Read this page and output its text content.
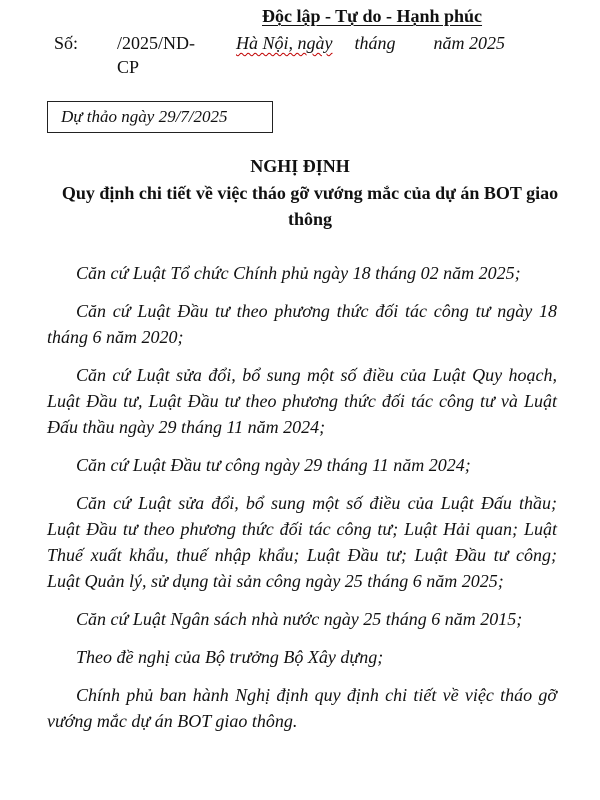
Độc lập - Tự do - Hạnh phúc
Số: /2025/ND-
CP
Hà Nội, ngày tháng năm 2025
Dự thảo ngày 29/7/2025
NGHỊ ĐỊNH
Quy định chi tiết về việc tháo gỡ vướng mắc của dự án BOT giao thông

Căn cứ Luật Tổ chức Chính phủ ngày 18 tháng 02 năm 2025;

Căn cứ Luật Đầu tư theo phương thức đối tác công tư ngày 18 tháng 6 năm 2020;

Căn cứ Luật sửa đổi, bổ sung một số điều của Luật Quy hoạch, Luật Đầu tư, Luật Đầu tư theo phương thức đối tác công tư và Luật Đấu thầu ngày 29 tháng 11 năm 2024;

Căn cứ Luật Đầu tư công ngày 29 tháng 11 năm 2024;

Căn cứ Luật sửa đổi, bổ sung một số điều của Luật Đấu thầu; Luật Đầu tư theo phương thức đối tác công tư; Luật Hải quan; Luật Thuế xuất khẩu, thuế nhập khẩu; Luật Đầu tư; Luật Đầu tư công; Luật Quản lý, sử dụng tài sản công ngày 25 tháng 6 năm 2025;

Căn cứ Luật Ngân sách nhà nước ngày 25 tháng 6 năm 2015;

Theo đề nghị của Bộ trưởng Bộ Xây dựng;

Chính phủ ban hành Nghị định quy định chi tiết về việc tháo gỡ vướng mắc dự án BOT giao thông.
